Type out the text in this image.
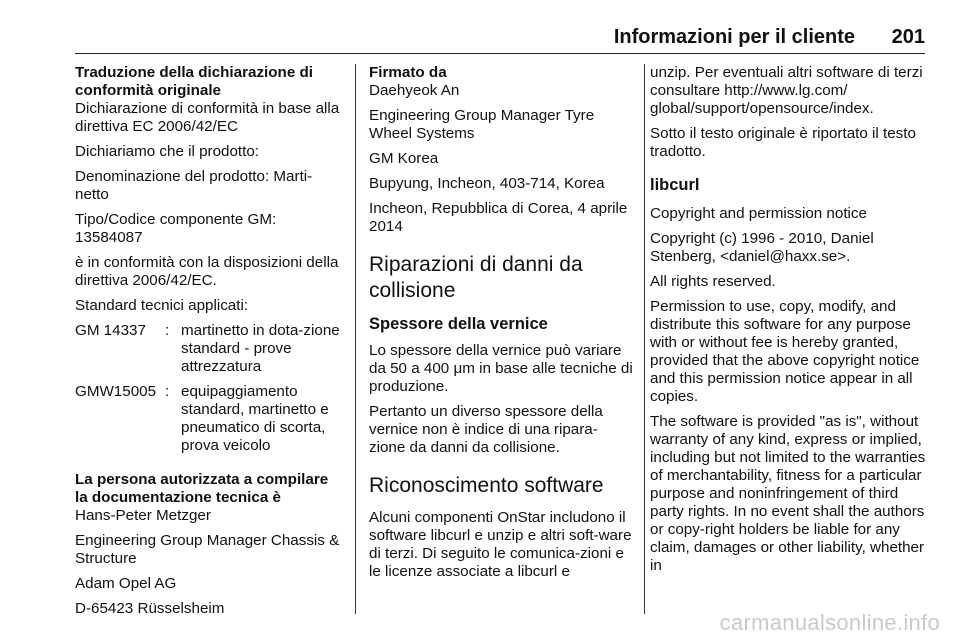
Informazioni per il cliente 201

Traduzione della dichiarazione di conformità originale

Dichiarazione di conformità in base alla direttiva EC 2006/42/EC

Dichiariamo che il prodotto:

Denominazione del prodotto: Marti-netto

Tipo/Codice componente GM: 13584087

è in conformità con la disposizioni della direttiva 2006/42/EC.

Standard tecnici applicati:

GM 14337	: martinetto in dota-zione standard - prove attrezzatura
GMW15005 : equipaggiamento standard, martinetto e pneumatico di scorta, prova veicolo

La persona autorizzata a compilare la documentazione tecnica è

Hans-Peter Metzger

Engineering Group Manager Chassis & Structure

Adam Opel AG

D-65423 Rüsselsheim

Firmato da

Daehyeok An

Engineering Group Manager Tyre Wheel Systems

GM Korea

Bupyung, Incheon, 403-714, Korea

Incheon, Repubblica di Corea, 4 aprile 2014

Riparazioni di danni da collisione
Spessore della vernice

Lo spessore della vernice può variare da 50 a 400 μm in base alle tecniche di produzione.

Pertanto un diverso spessore della vernice non è indice di una ripara-zione da danni da collisione.

Riconoscimento software

Alcuni componenti OnStar includono il software libcurl e unzip e altri soft-ware di terzi. Di seguito le comunica-zioni e le licenze associate a libcurl e

unzip. Per eventuali altri software di terzi consultare http://www.lg.com/ global/support/opensource/index.

Sotto il testo originale è riportato il testo tradotto.

libcurl

Copyright and permission notice

Copyright (c) 1996 - 2010, Daniel Stenberg, <daniel@haxx.se>.

All rights reserved.

Permission to use, copy, modify, and distribute this software for any purpose with or without fee is hereby granted, provided that the above copyright notice and this permission notice appear in all copies.

The software is provided "as is", without warranty of any kind, express or implied, including but not limited to the warranties of merchantability, fitness for a particular purpose and noninfringement of third party rights. In no event shall the authors or copy-right holders be liable for any claim, damages or other liability, whether in

carmanualsonline.info
